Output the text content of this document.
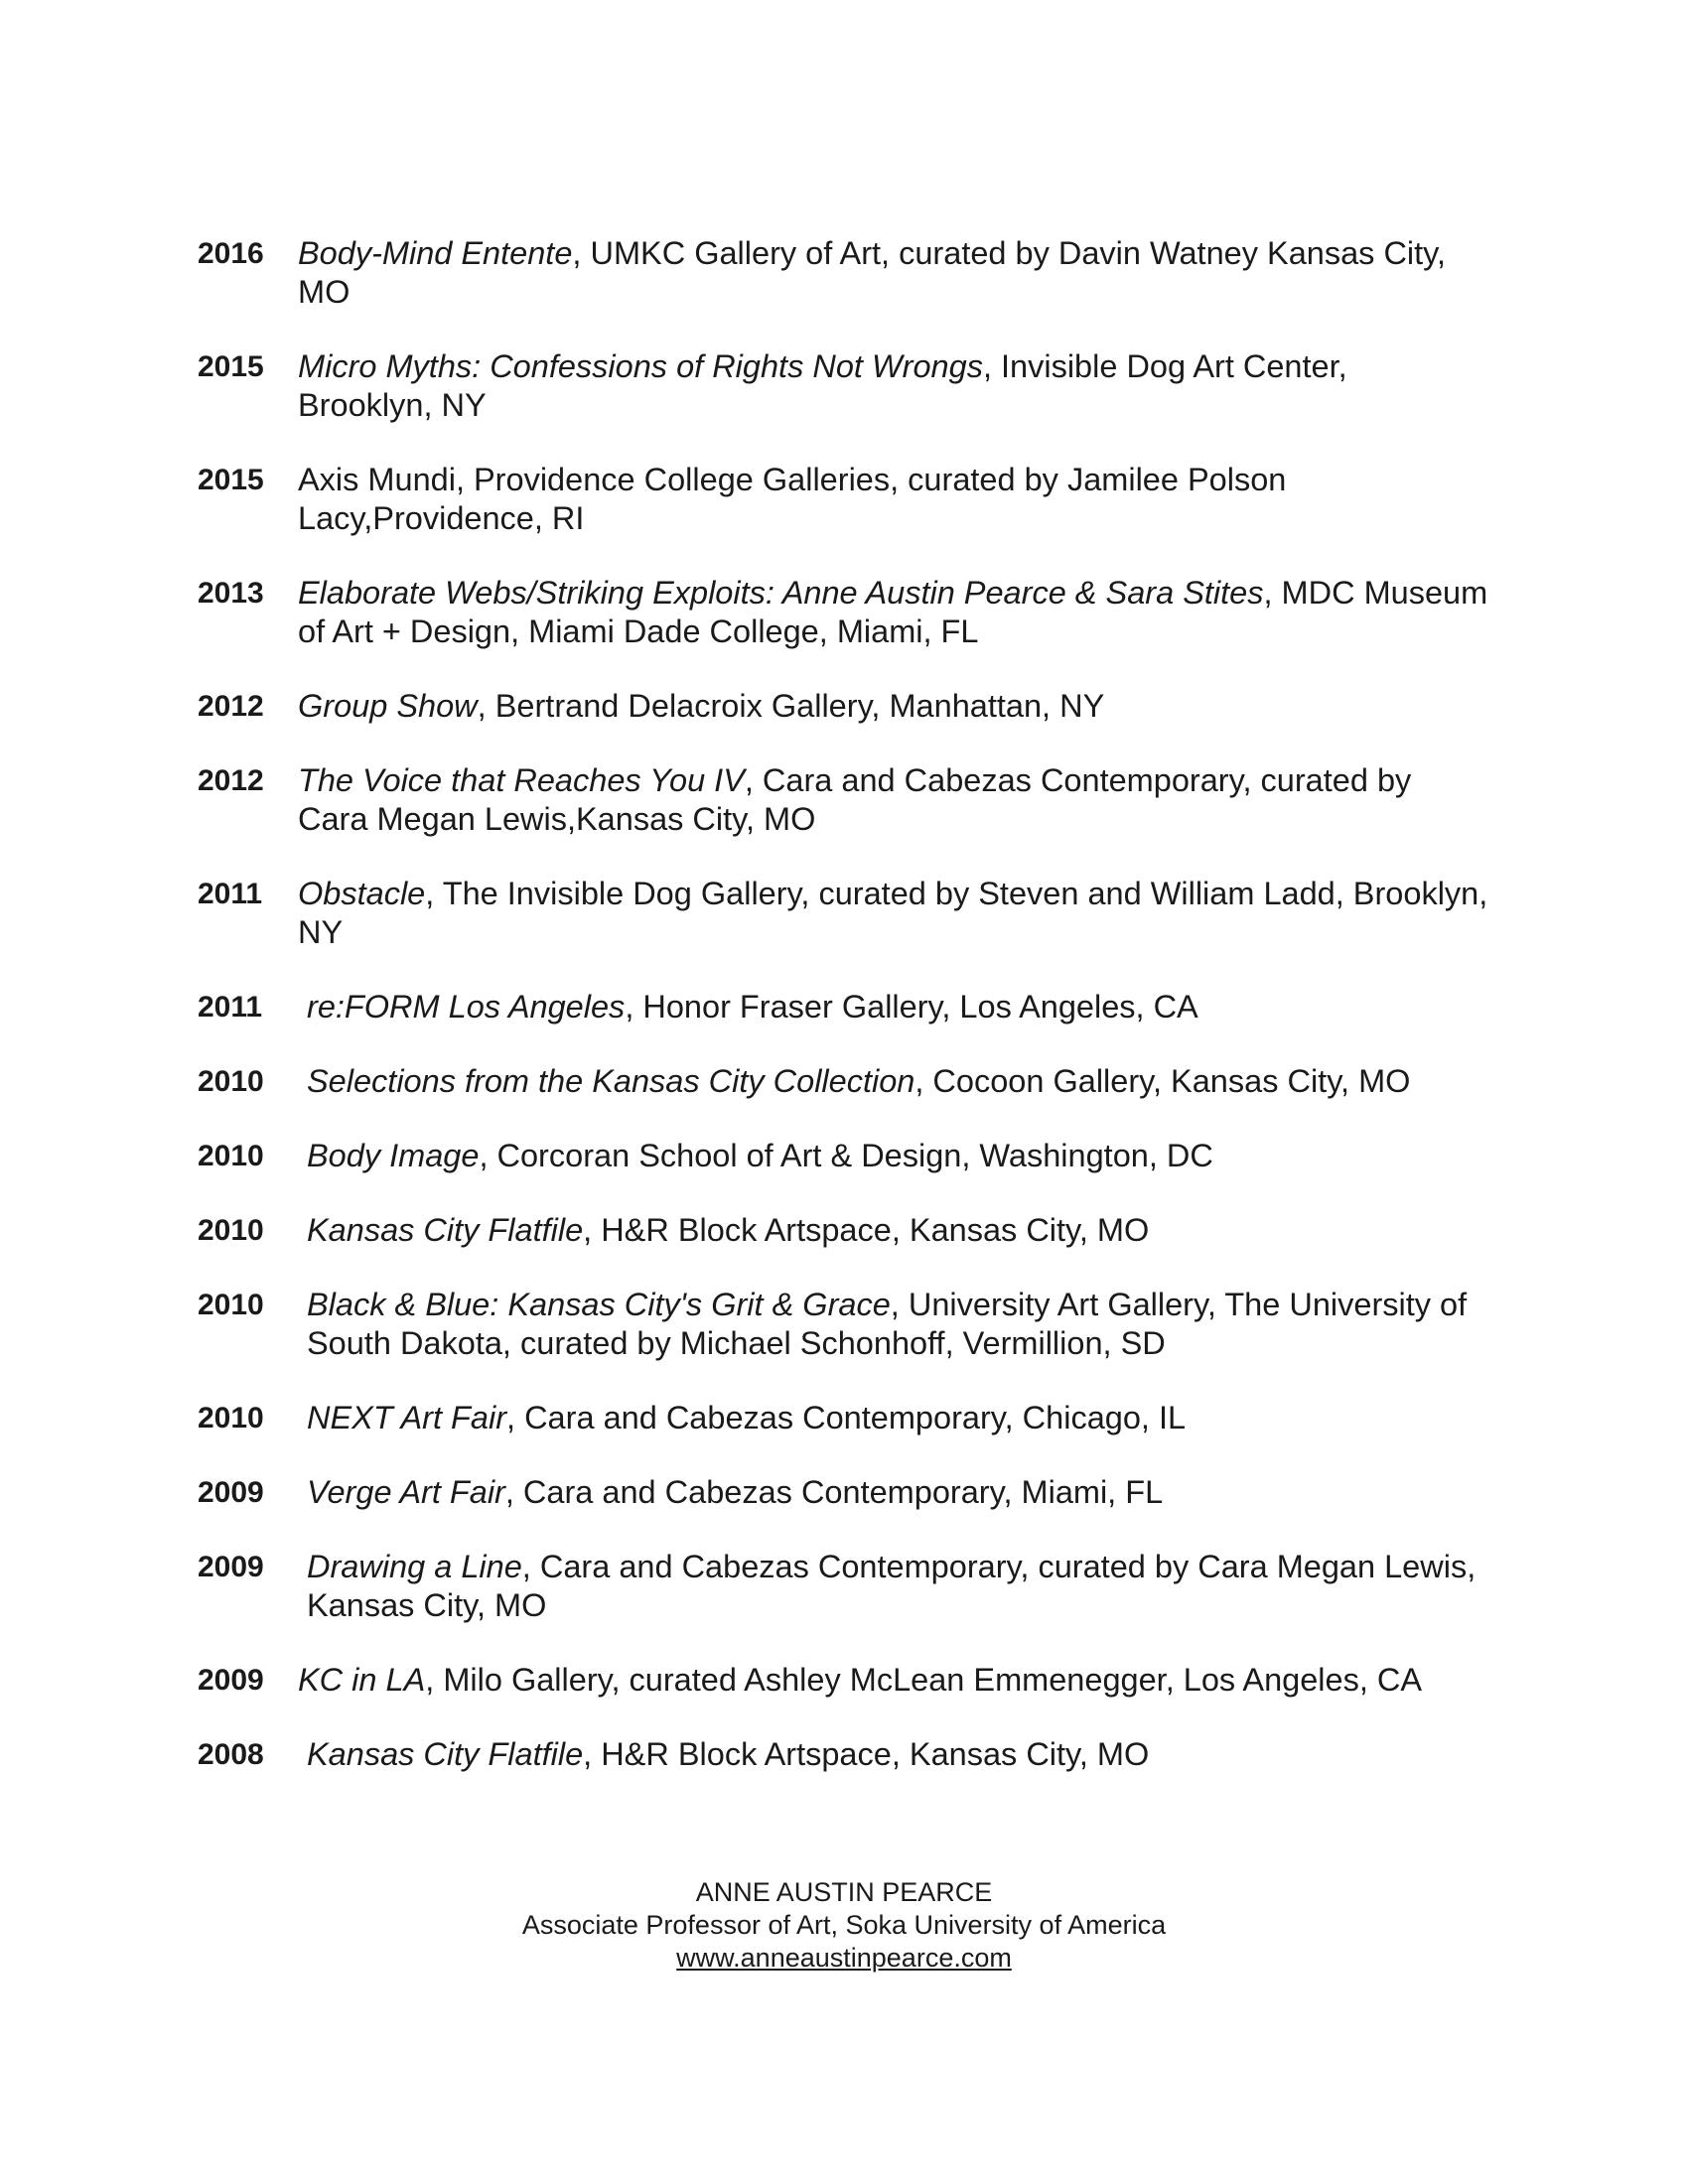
2016	Body-Mind Entente, UMKC Gallery of Art, curated by Davin Watney Kansas City, MO
2015	Micro Myths: Confessions of Rights Not Wrongs, Invisible Dog Art Center, Brooklyn, NY
2015	Axis Mundi, Providence College Galleries, curated by Jamilee Polson Lacy,Providence, RI
2013	Elaborate Webs/Striking Exploits: Anne Austin Pearce & Sara Stites, MDC Museum of Art + Design, Miami Dade College, Miami, FL
2012	Group Show, Bertrand Delacroix Gallery, Manhattan, NY
2012	The Voice that Reaches You IV, Cara and Cabezas Contemporary, curated by Cara Megan Lewis,Kansas City, MO
2011	Obstacle, The Invisible Dog Gallery, curated by Steven and William Ladd, Brooklyn, NY
2011	re:FORM Los Angeles, Honor Fraser Gallery, Los Angeles, CA
2010	Selections from the Kansas City Collection, Cocoon Gallery, Kansas City, MO
2010	Body Image, Corcoran School of Art & Design, Washington, DC
2010	Kansas City Flatfile, H&R Block Artspace, Kansas City, MO
2010	Black & Blue: Kansas City's Grit & Grace, University Art Gallery, The University of South Dakota, curated by Michael Schonhoff, Vermillion, SD
2010	NEXT Art Fair, Cara and Cabezas Contemporary, Chicago, IL
2009	Verge Art Fair, Cara and Cabezas Contemporary, Miami, FL
2009	Drawing a Line, Cara and Cabezas Contemporary, curated by Cara Megan Lewis, Kansas City, MO
2009	KC in LA, Milo Gallery, curated Ashley McLean Emmenegger, Los Angeles, CA
2008	Kansas City Flatfile, H&R Block Artspace, Kansas City, MO
ANNE AUSTIN PEARCE
Associate Professor of Art, Soka University of America
www.anneaustinpearce.com
